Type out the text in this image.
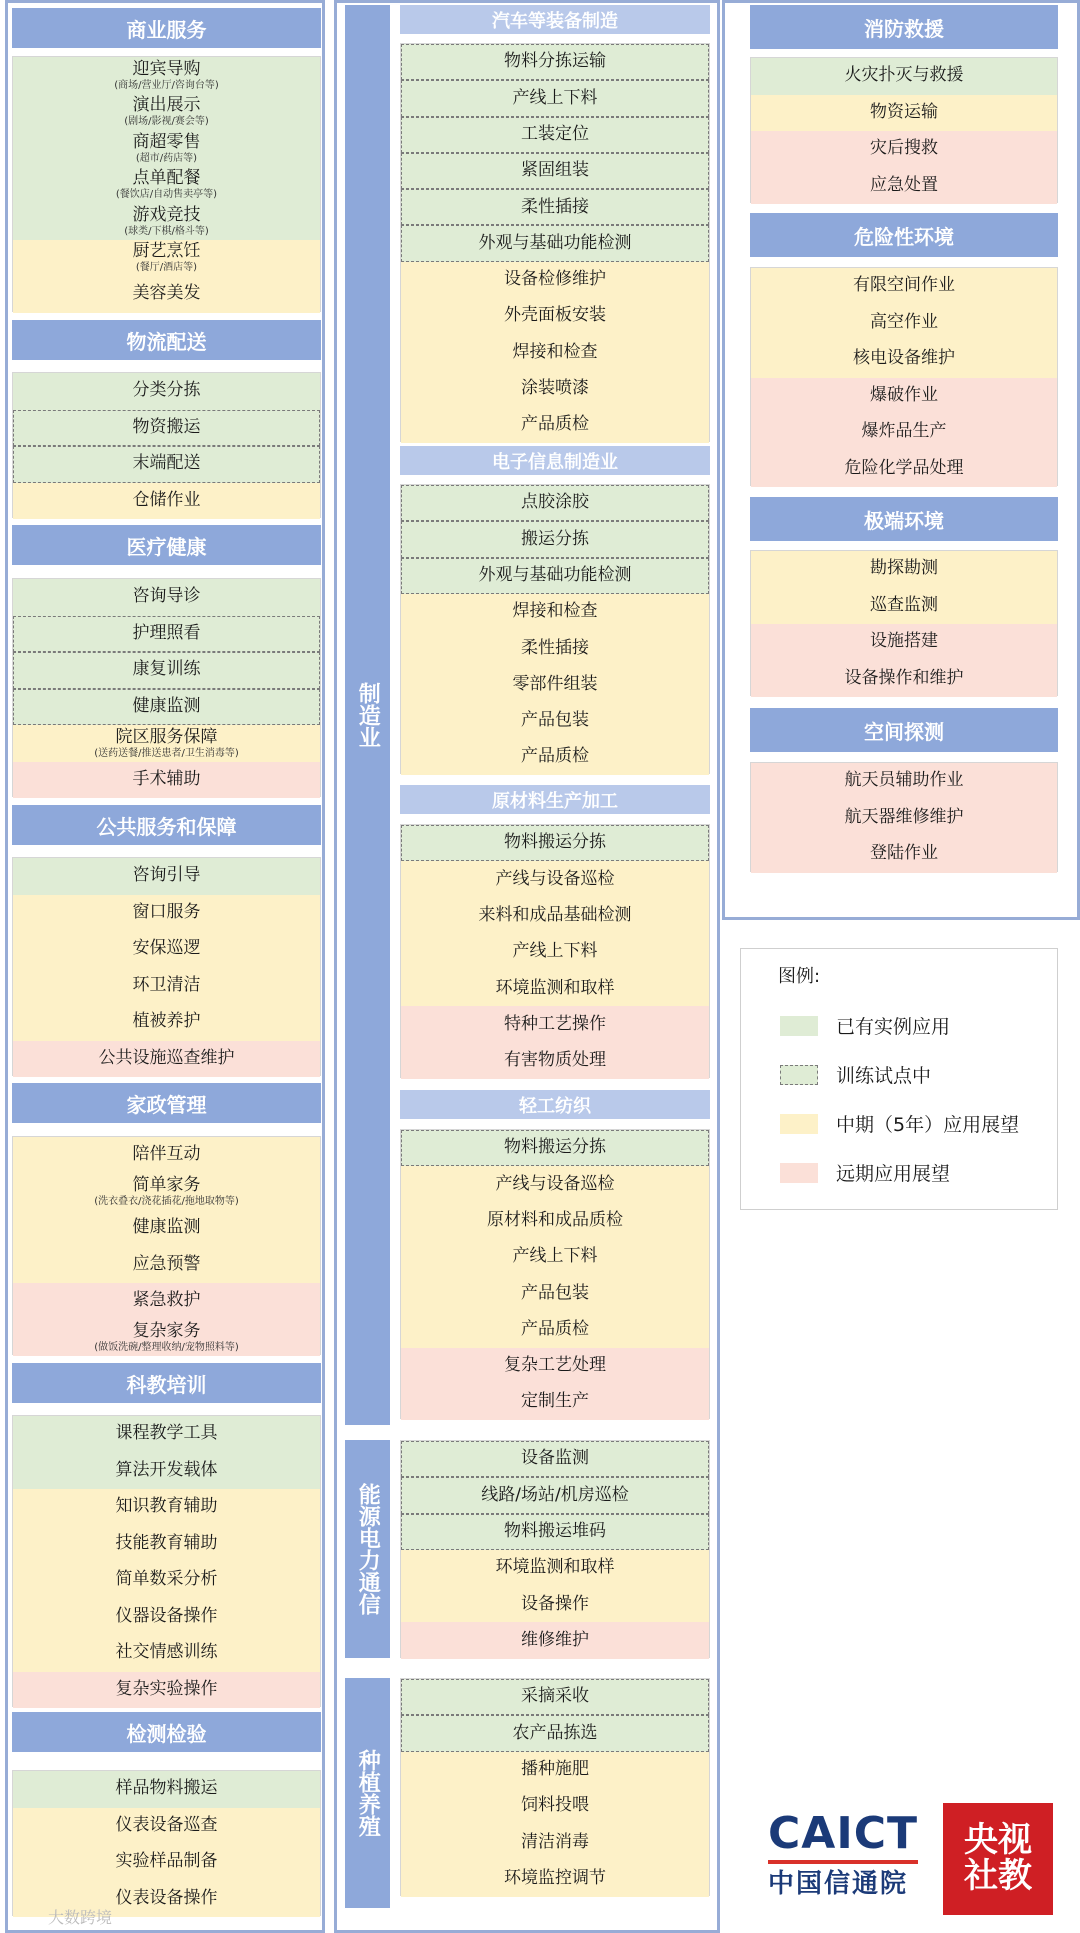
商业服务
迎宾导购
(商场/营业厅/咨询台等)
演出展示
(剧场/影视/赛会等)
商超零售
(超市/药店等)
点单配餐
(餐饮店/自动售卖亭等)
游戏竞技
(球类/下棋/格斗等)
厨艺烹饪
(餐厅/酒店等)
美容美发
物流配送
分类分拣
物资搬运
末端配送
仓储作业
医疗健康
咨询导诊
护理照看
康复训练
健康监测
院区服务保障
(送药送餐/推送患者/卫生消毒等)
手术辅助
公共服务和保障
咨询引导
窗口服务
安保巡逻
环卫清洁
植被养护
公共设施巡查维护
家政管理
陪伴互动
简单家务
(洗衣叠衣/浇花插花/拖地取物等)
健康监测
应急预警
紧急救护
复杂家务
(做饭洗碗/整理收纳/宠物照料等)
科教培训
课程教学工具
算法开发载体
知识教育辅助
技能教育辅助
简单数采分析
仪器设备操作
社交情感训练
复杂实验操作
检测检验
样品物料搬运
仪表设备巡查
实验样品制备
仪表设备操作
制造业
汽车等装备制造
物料分拣运输
产线上下料
工装定位
紧固组装
柔性插接
外观与基础功能检测
设备检修维护
外壳面板安装
焊接和检查
涂装喷漆
产品质检
电子信息制造业
点胶涂胶
搬运分拣
外观与基础功能检测
焊接和检查
柔性插接
零部件组装
产品包装
产品质检
原材料生产加工
物料搬运分拣
产线与设备巡检
来料和成品基础检测
产线上下料
环境监测和取样
特种工艺操作
有害物质处理
轻工纺织
物料搬运分拣
产线与设备巡检
原材料和成品质检
产线上下料
产品包装
产品质检
复杂工艺处理
定制生产
能源电力通信
设备监测
线路/场站/机房巡检
物料搬运堆码
环境监测和取样
设备操作
维修维护
种植养殖
采摘采收
农产品拣选
播种施肥
饲料投喂
清洁消毒
环境监控调节
消防救援
火灾扑灭与救援
物资运输
灾后搜救
应急处置
危险性环境
有限空间作业
高空作业
核电设备维护
爆破作业
爆炸品生产
危险化学品处理
极端环境
勘探勘测
巡查监测
设施搭建
设备操作和维护
空间探测
航天员辅助作业
航天器维修维护
登陆作业
图例:
已有实例应用
训练试点中
中期（5年）应用展望
远期应用展望
CAICT
中国信通院
央视
社教
大数跨境
